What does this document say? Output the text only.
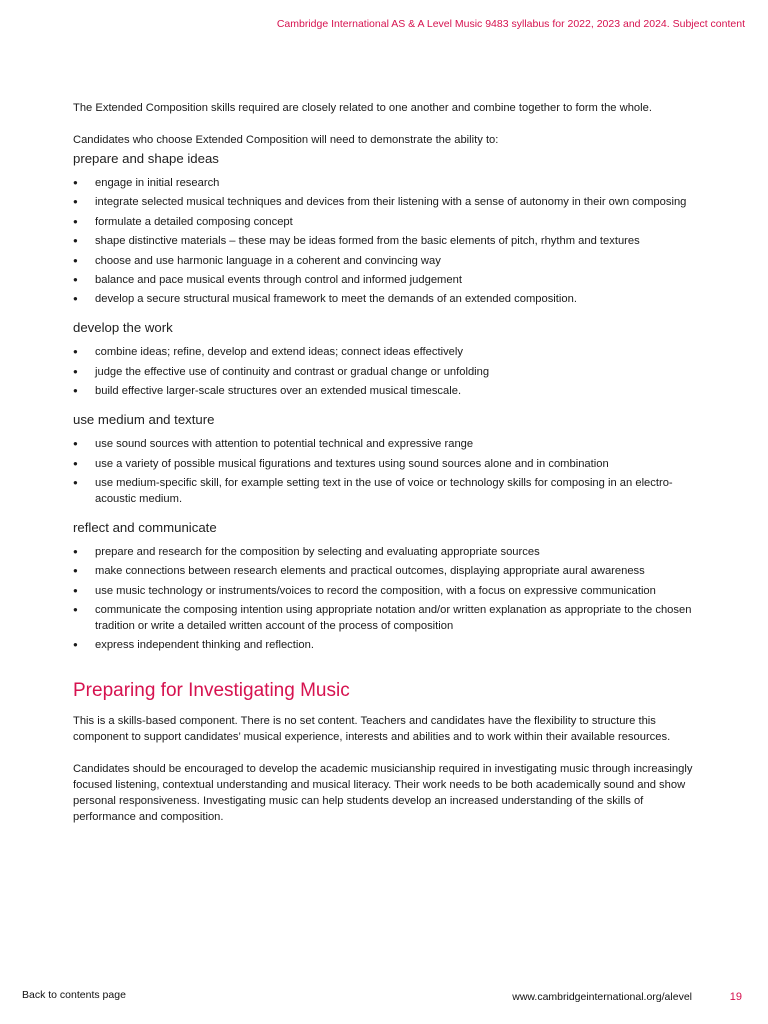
Cambridge International AS & A Level Music 9483 syllabus for 2022, 2023 and 2024. Subject content

The Extended Composition skills required are closely related to one another and combine together to form the whole.

Candidates who choose Extended Composition will need to demonstrate the ability to:

prepare and shape ideas
● engage in initial research
● integrate selected musical techniques and devices from their listening with a sense of autonomy in their own composing
● formulate a detailed composing concept
● shape distinctive materials – these may be ideas formed from the basic elements of pitch, rhythm and textures
● choose and use harmonic language in a coherent and convincing way
● balance and pace musical events through control and informed judgement
● develop a secure structural musical framework to meet the demands of an extended composition.
develop the work
● combine ideas; refine, develop and extend ideas; connect ideas effectively
● judge the effective use of continuity and contrast or gradual change or unfolding
● build effective larger-scale structures over an extended musical timescale.
use medium and texture
● use sound sources with attention to potential technical and expressive range
● use a variety of possible musical figurations and textures using sound sources alone and in combination
● use medium-specific skill, for example setting text in the use of voice or technology skills for composing in an electro-acoustic medium.
reflect and communicate
● prepare and research for the composition by selecting and evaluating appropriate sources
● make connections between research elements and practical outcomes, displaying appropriate aural awareness
● use music technology or instruments/voices to record the composition, with a focus on expressive communication
● communicate the composing intention using appropriate notation and/or written explanation as appropriate to the chosen tradition or write a detailed written account of the process of composition
● express independent thinking and reflection.
Preparing for Investigating Music

This is a skills-based component. There is no set content. Teachers and candidates have the flexibility to structure this component to support candidates’ musical experience, interests and abilities and to work within their available resources.

Candidates should be encouraged to develop the academic musicianship required in investigating music through increasingly focused listening, contextual understanding and musical literacy. Their work needs to be both academically sound and show personal responsiveness. Investigating music can help students develop an increased understanding of the skills of performance and composition.

Back to contents page	www.cambridgeinternational.org/alevel	19
